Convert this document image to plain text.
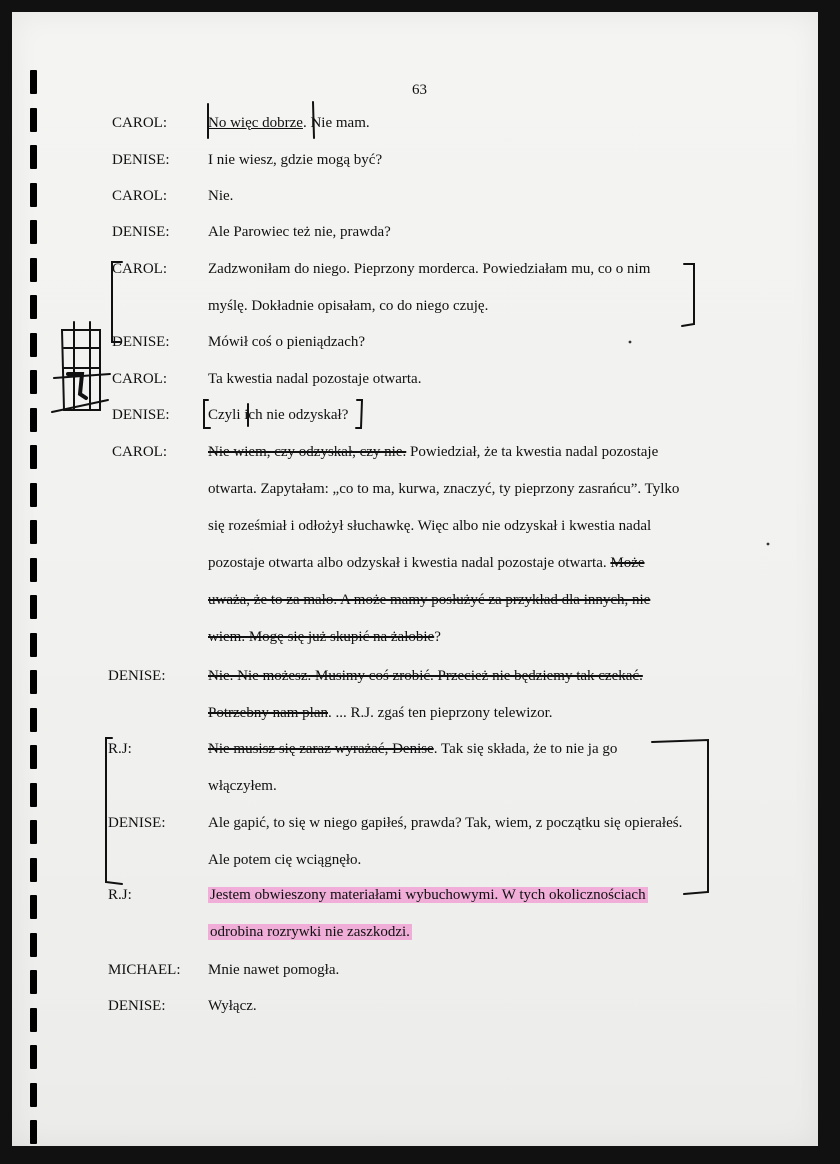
63
CAROL:	No więc dobrze. Nie mam.
DENISE:	I nie wiesz, gdzie mogą być?
CAROL:	Nie.
DENISE:	Ale Parowiec też nie, prawda?
CAROL:	Zadzwoniłam do niego. Pieprzony morderca. Powiedziałam mu, co o nim
myślę. Dokładnie opisałam, co do niego czuję.
DENISE:	Mówił coś o pieniądzach?
CAROL:	Ta kwestia nadal pozostaje otwarta.
DENISE:	Czyli ich nie odzyskał?
CAROL:	Nie wiem, czy odzyskał, czy nie. Powiedział, że ta kwestia nadal pozostaje
otwarta. Zapytałam: „co to ma, kurwa, znaczyć, ty pieprzony zasrańcu”. Tylko
się roześmiał i odłożył słuchawkę. Więc albo nie odzyskał i kwestia nadal
pozostaje otwarta albo odzyskał i kwestia nadal pozostaje otwarta. Może
uważa, że to za mało. A może mamy posłużyć za przykład dla innych, nie
wiem. Mogę się już skupić na żałobie?
DENISE:	Nie. Nie możesz. Musimy coś zrobić. Przecież nie będziemy tak czekać.
Potrzebny nam plan. ... R.J. zgaś ten pieprzony telewizor.
R.J:	Nie musisz się zaraz wyrażać, Denise. Tak się składa, że to nie ja go
włączyłem.
DENISE:	Ale gapić, to się w niego gapiłeś, prawda? Tak, wiem, z początku się opierałeś.
Ale potem cię wciągnęło.
R.J:	Jestem obwieszony materiałami wybuchowymi. W tych okolicznościach
odrobina rozrywki nie zaszkodzi.
MICHAEL: Mnie nawet pomogła.
DENISE:	Wyłącz.
